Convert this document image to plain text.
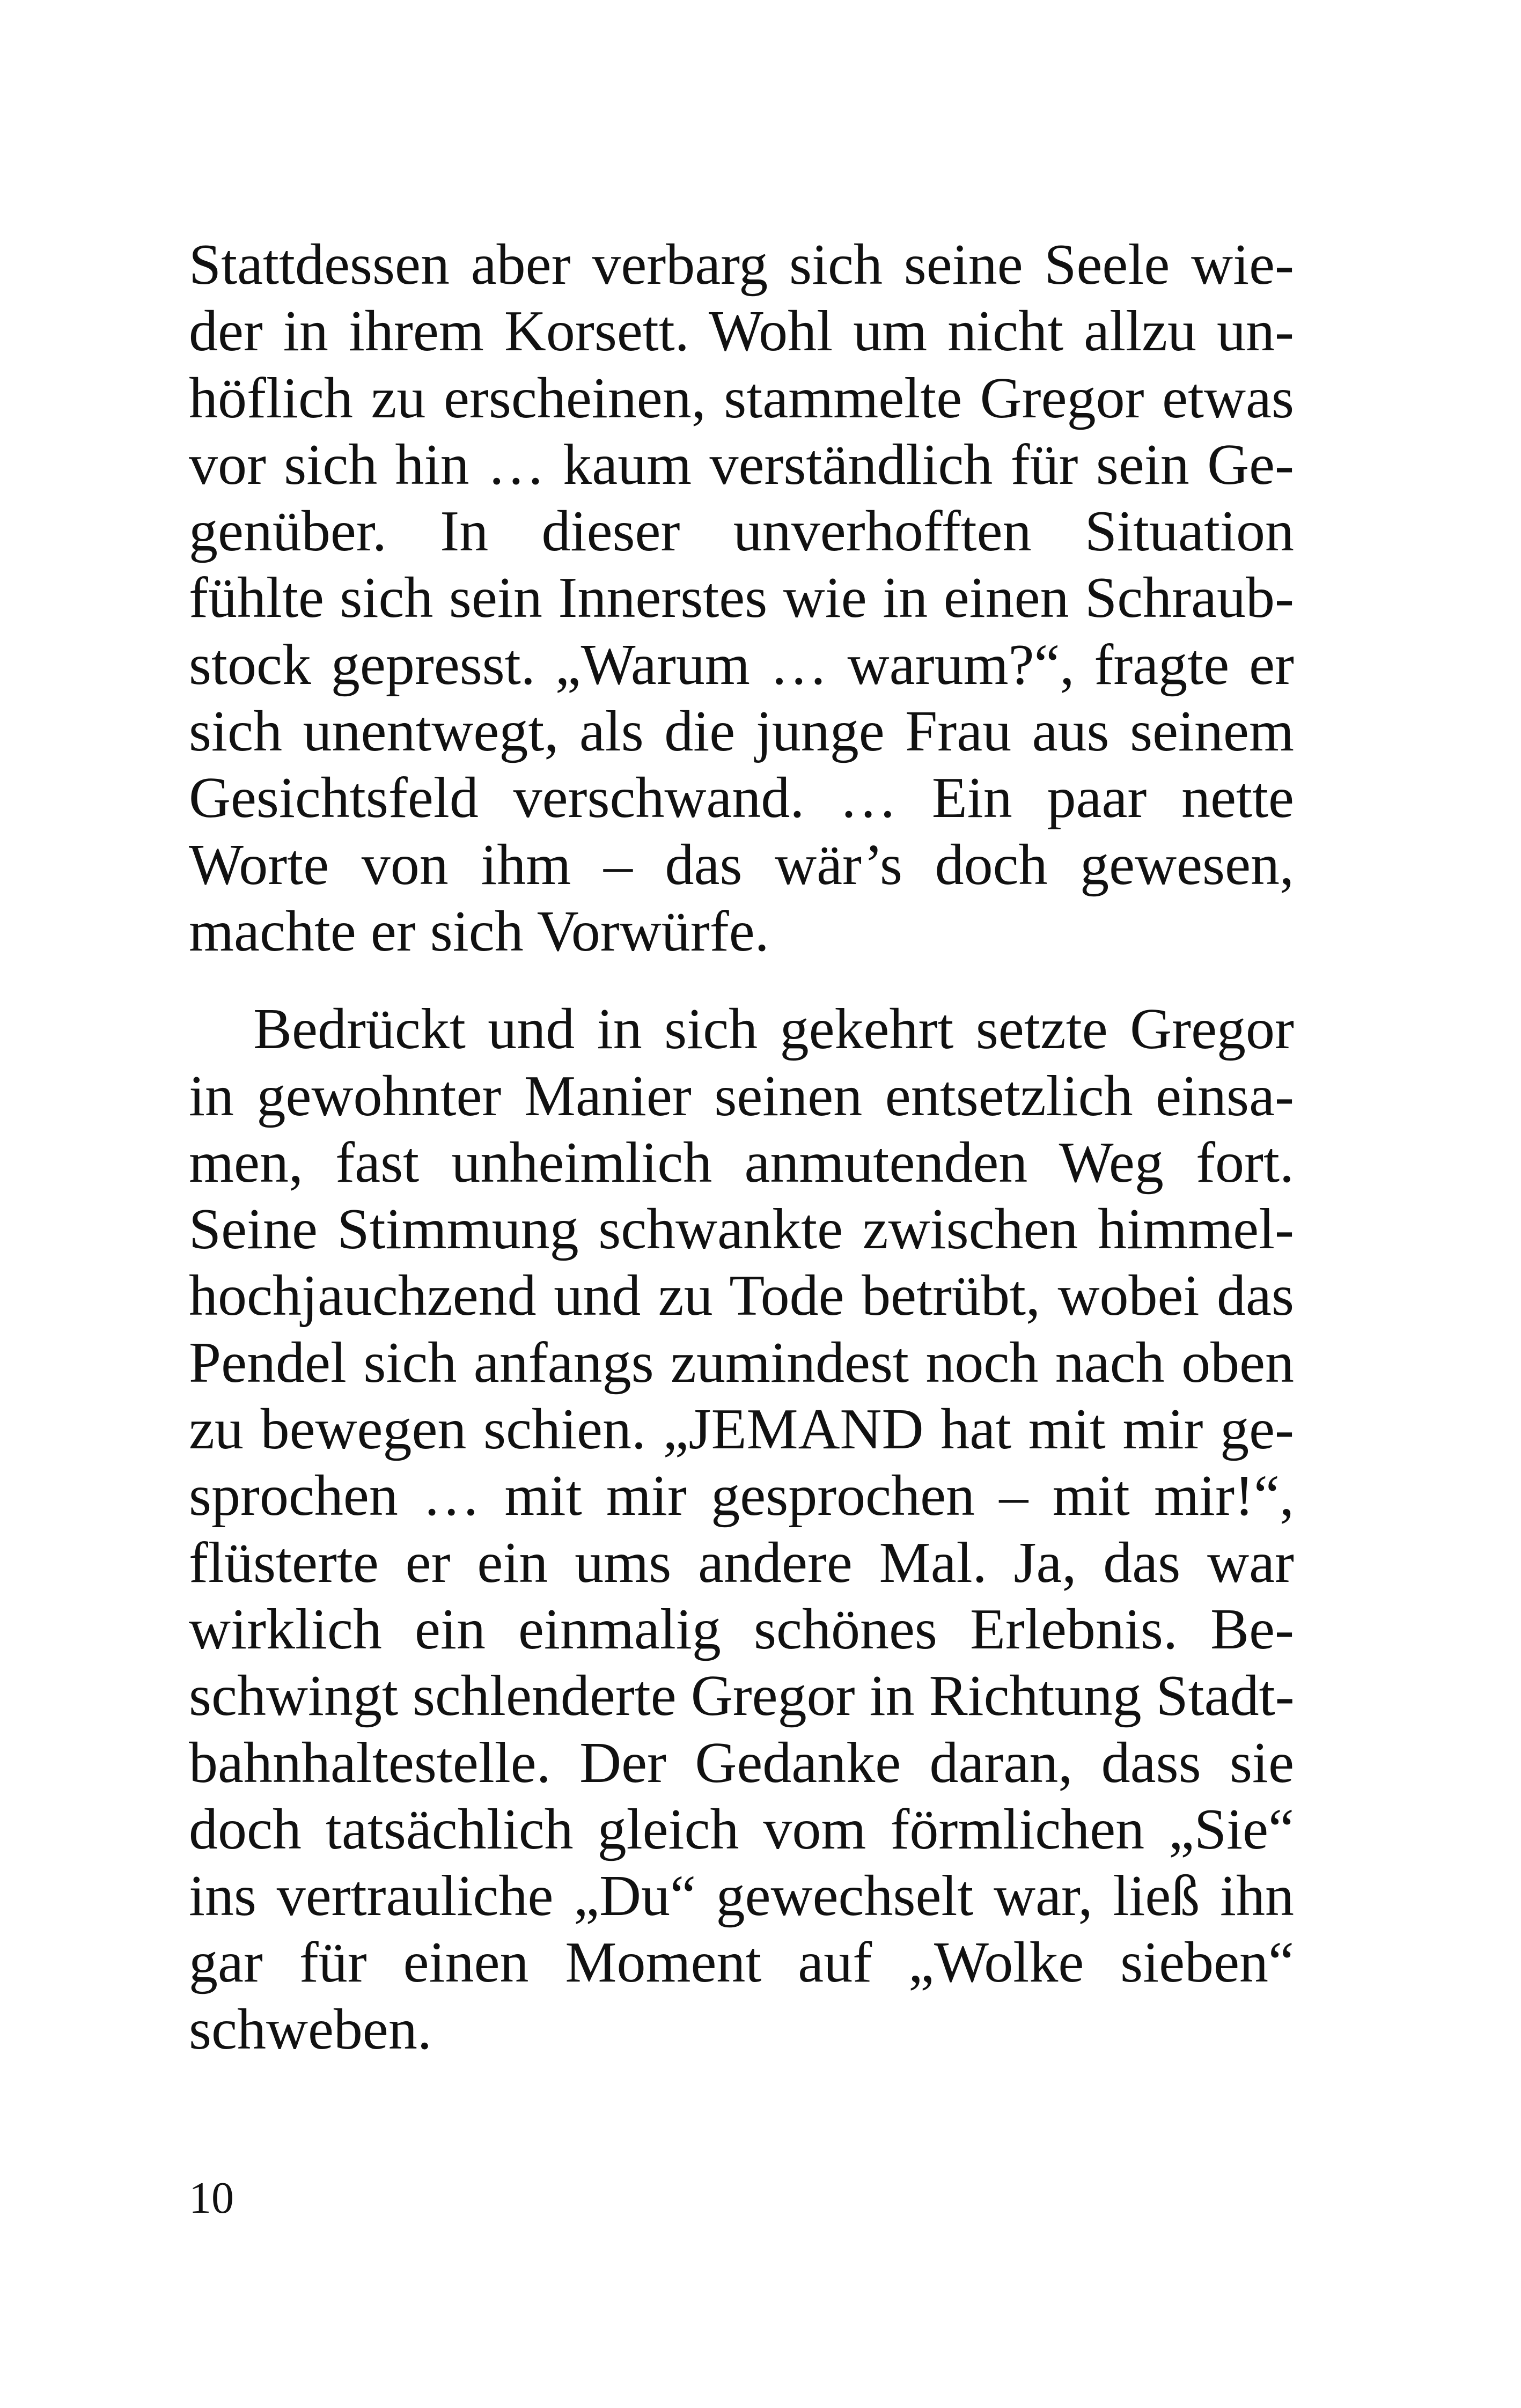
Stattdessen aber verbarg sich seine Seele wie-
der in ihrem Korsett. Wohl um nicht allzu un-
höflich zu erscheinen, stammelte Gregor etwas
vor sich hin … kaum verständlich für sein Ge-
genüber. In dieser unverhofften Situation
fühlte sich sein Innerstes wie in einen Schraub-
stock gepresst. „Warum … warum?“, fragte er
sich unentwegt, als die junge Frau aus seinem
Gesichtsfeld verschwand. … Ein paar nette
Worte von ihm – das wär’s doch gewesen,
machte er sich Vorwürfe.

Bedrückt und in sich gekehrt setzte Gregor
in gewohnter Manier seinen entsetzlich einsa-
men, fast unheimlich anmutenden Weg fort.
Seine Stimmung schwankte zwischen himmel-
hochjauchzend und zu Tode betrübt, wobei das
Pendel sich anfangs zumindest noch nach oben
zu bewegen schien. „JEMAND hat mit mir ge-
sprochen … mit mir gesprochen – mit mir!“,
flüsterte er ein ums andere Mal. Ja, das war
wirklich ein einmalig schönes Erlebnis. Be-
schwingt schlenderte Gregor in Richtung Stadt-
bahnhaltestelle. Der Gedanke daran, dass sie
doch tatsächlich gleich vom förmlichen „Sie“
ins vertrauliche „Du“ gewechselt war, ließ ihn
gar für einen Moment auf „Wolke sieben“
schweben.

10
